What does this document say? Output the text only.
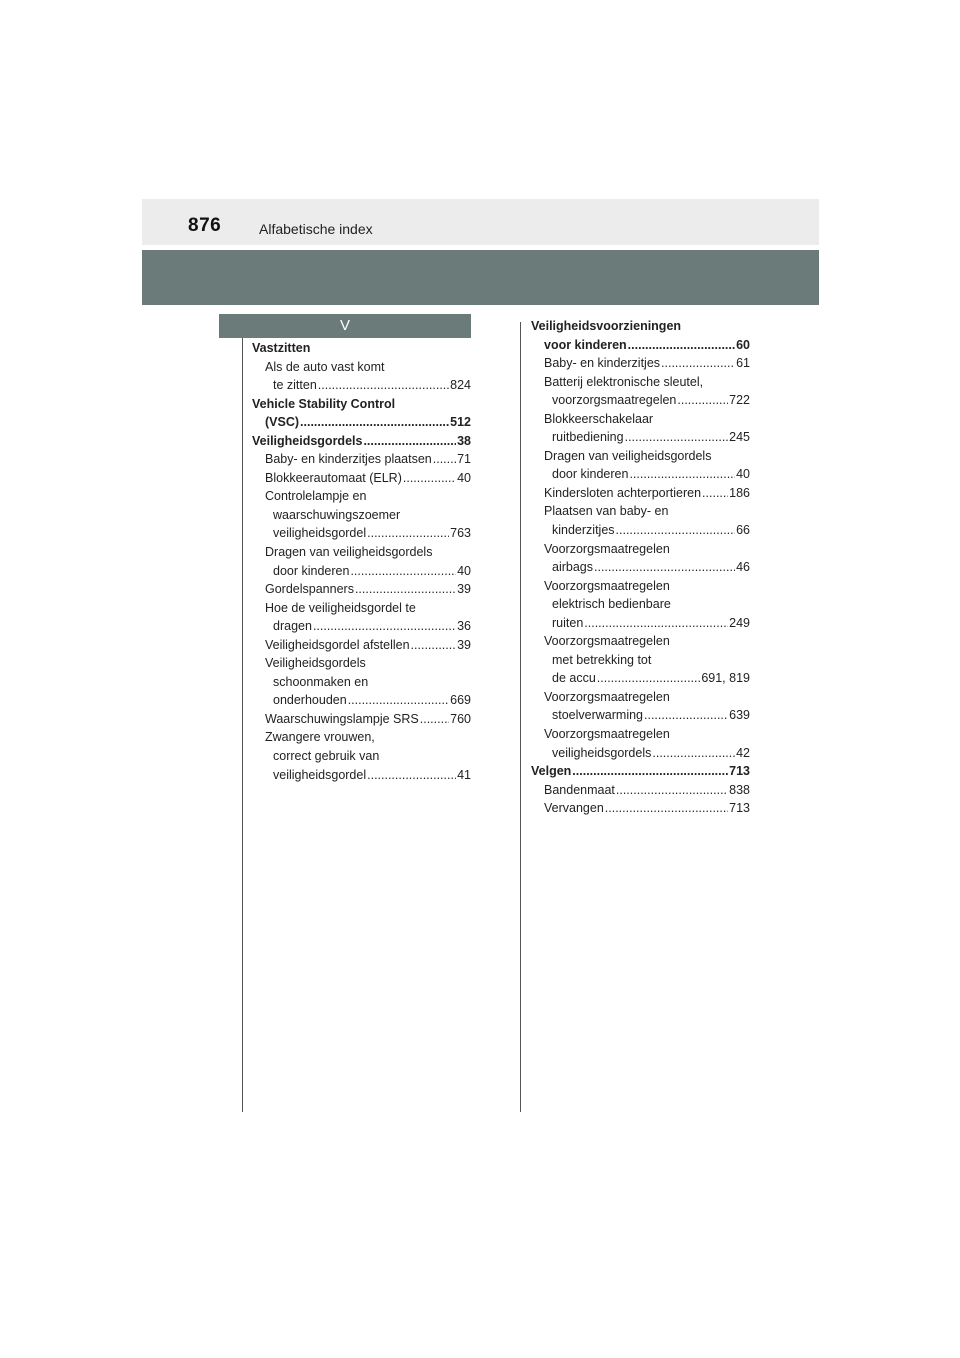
876	Alfabetische index
V
Vastzitten
Als de auto vast komt
te zitten .....	824
Vehicle Stability Control
(VSC) .....	512
Veiligheidsgordels .....	38
Baby- en kinderzitjes plaatsen ..... 71
Blokkeerautomaat (ELR) .....	40
Controlelampje en
waarschuwingszoemer
veiligheidsgordel .....	763
Dragen van veiligheidsgordels
door kinderen .....	40
Gordelspanners .....	39
Hoe de veiligheidsgordel te
dragen .....	36
Veiligheidsgordel afstellen .....	39
Veiligheidsgordels
schoonmaken en
onderhouden .....	669
Waarschuwingslampje SRS .....	760
Zwangere vrouwen,
correct gebruik van
veiligheidsgordel .....	41
Veiligheidsvoorzieningen
voor kinderen .....	60
Baby- en kinderzitjes .....	61
Batterij elektronische sleutel,
voorzorgsmaatregelen .....	722
Blokkeerschakelaar
ruitbediening .....	245
Dragen van veiligheidsgordels
door kinderen .....	40
Kindersloten achterportieren ..... 186
Plaatsen van baby- en
kinderzitjes .....	66
Voorzorgsmaatregelen
airbags .....	46
Voorzorgsmaatregelen
elektrisch bedienbare
ruiten .....	249
Voorzorgsmaatregelen
met betrekking tot
de accu .....	691, 819
Voorzorgsmaatregelen
stoelverwarming .....	639
Voorzorgsmaatregelen
veiligheidsgordels .....	42
Velgen .....	713
Bandenmaat .....	838
Vervangen .....	713
